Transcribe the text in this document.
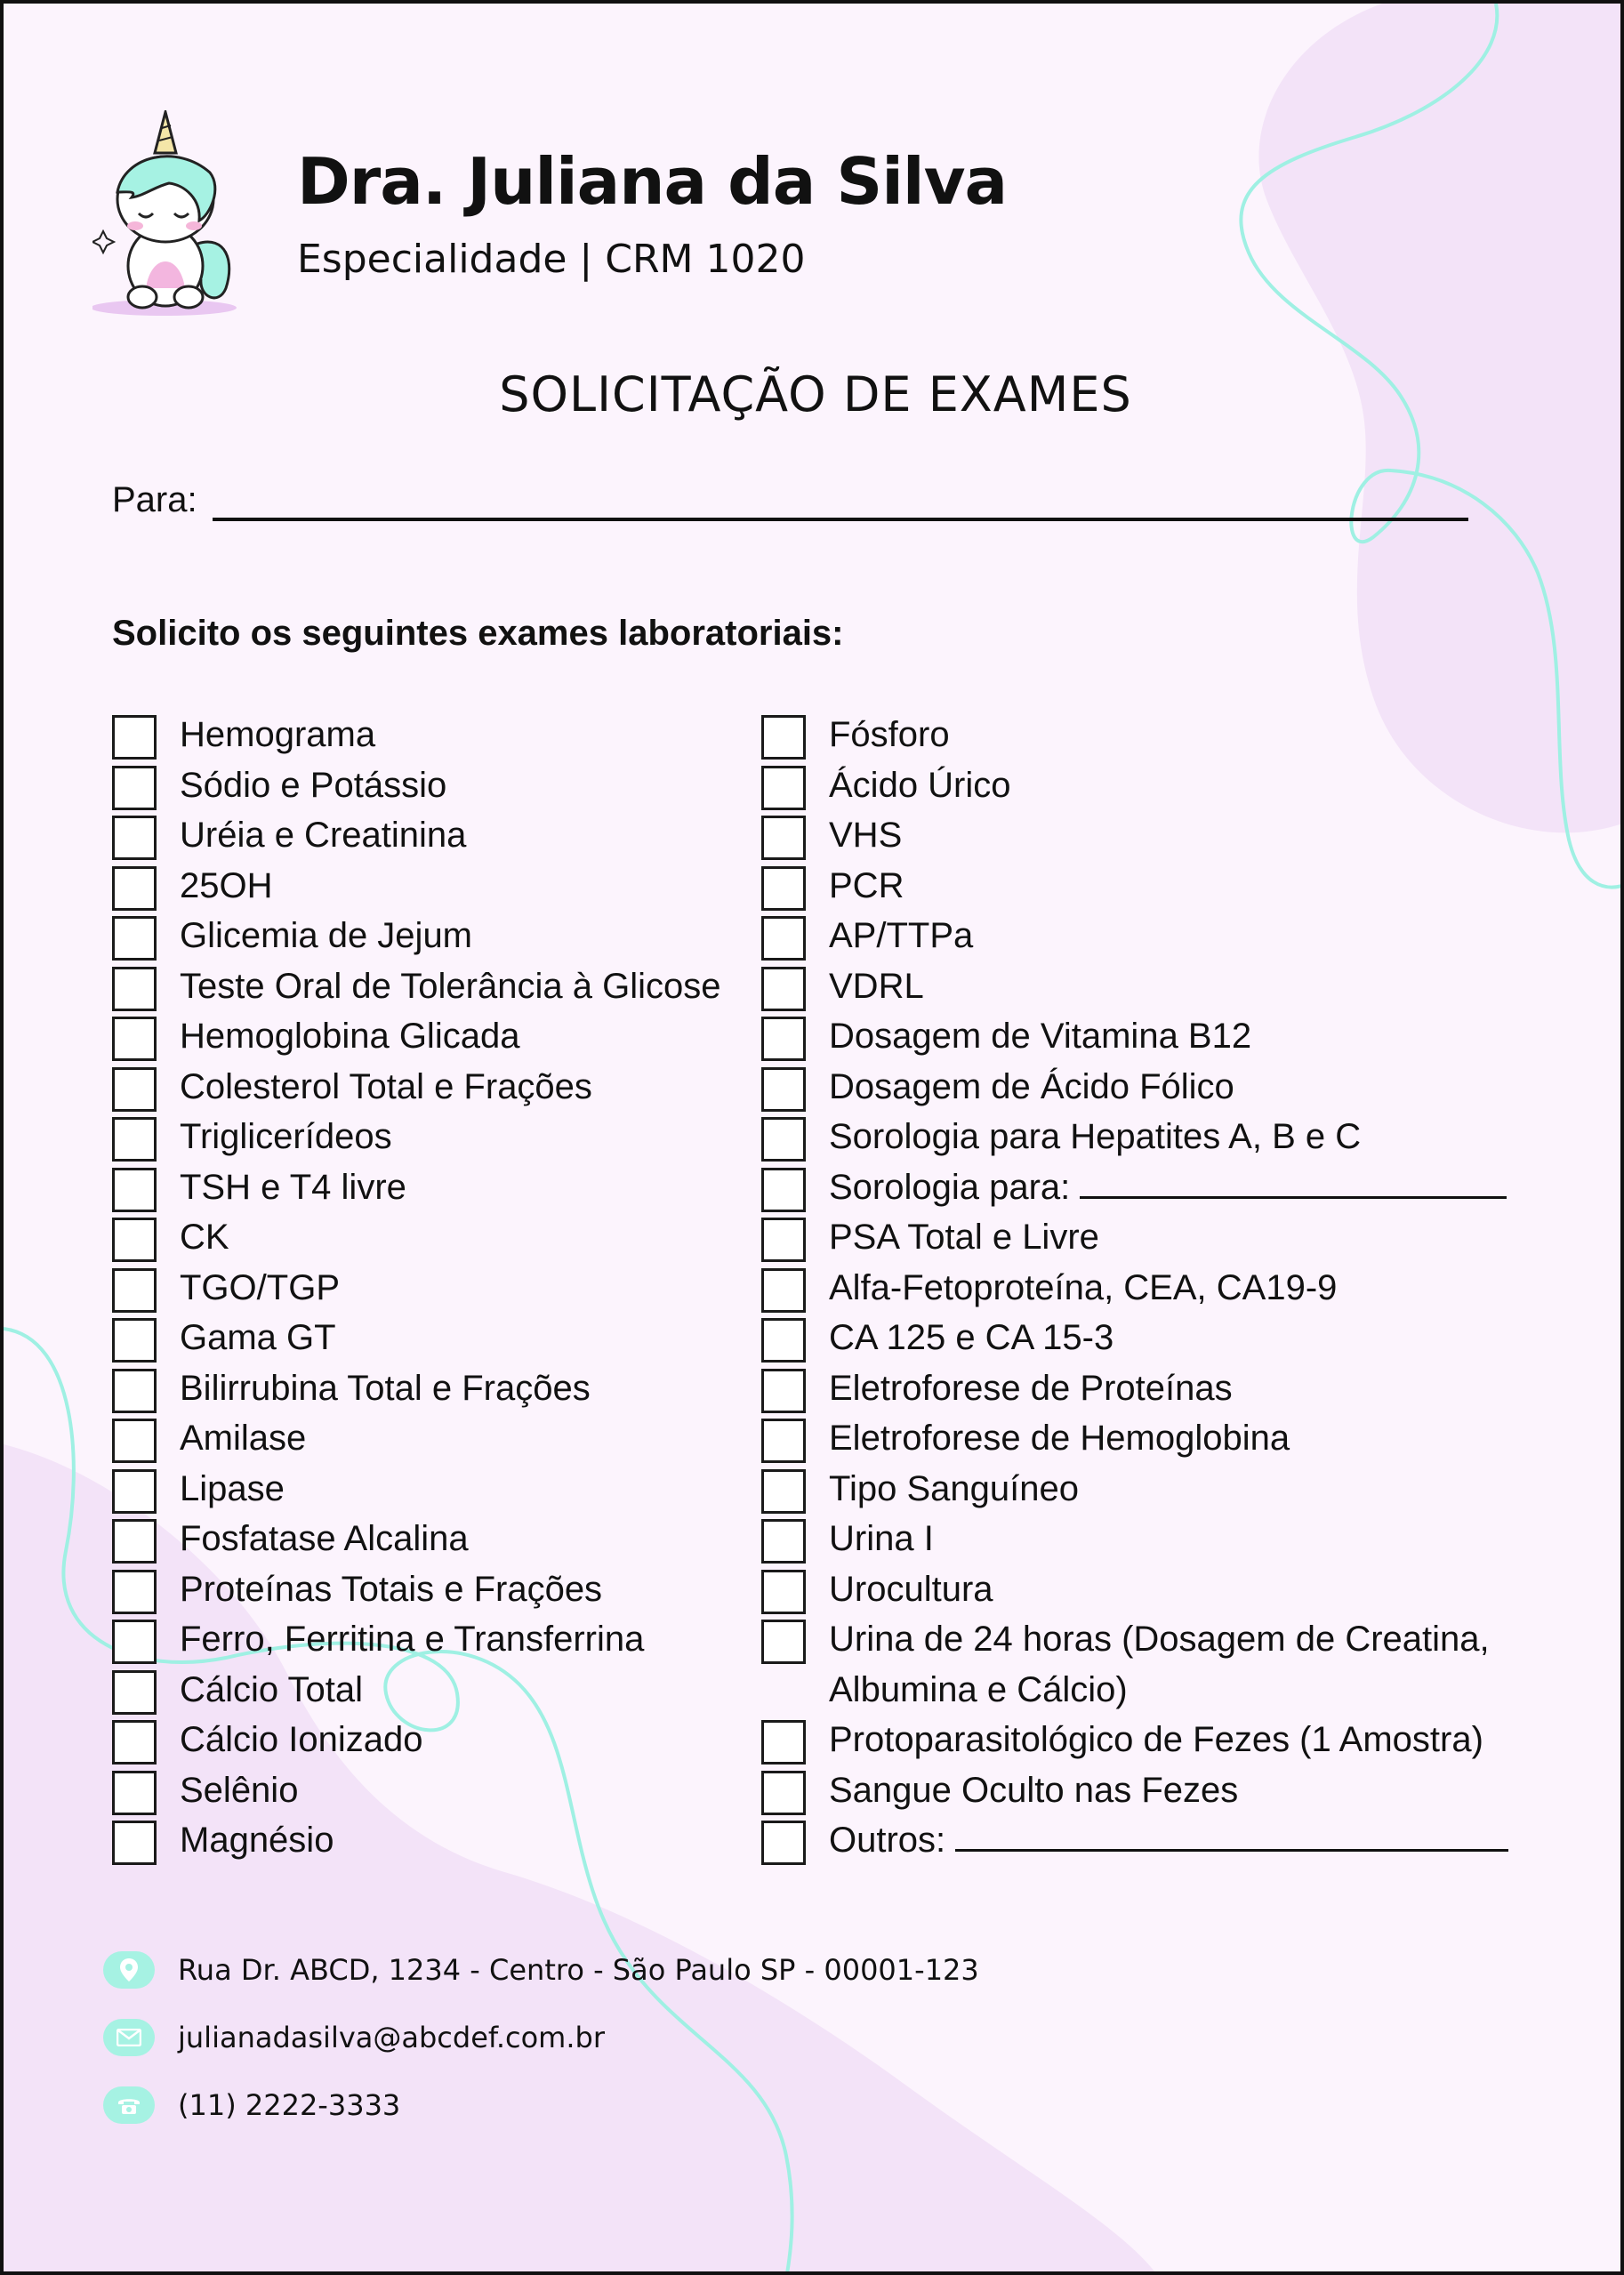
Dra. Juliana da Silva
Especialidade | CRM 1020
SOLICITAÇÃO DE EXAMES
Para:
Solicito os seguintes exames laboratoriais:
Hemograma
Sódio e Potássio
Uréia e Creatinina
25OH
Glicemia de Jejum
Teste Oral de Tolerância à Glicose
Hemoglobina Glicada
Colesterol Total e Frações
Triglicerídeos
TSH e T4 livre
CK
TGO/TGP
Gama GT
Bilirrubina Total e Frações
Amilase
Lipase
Fosfatase Alcalina
Proteínas Totais e Frações
Ferro, Ferritina e Transferrina
Cálcio Total
Cálcio Ionizado
Selênio
Magnésio
Fósforo
Ácido Úrico
VHS
PCR
AP/TTPa
VDRL
Dosagem de Vitamina B12
Dosagem de Ácido Fólico
Sorologia para Hepatites A, B e C
Sorologia para:
PSA Total e Livre
Alfa-Fetoproteína, CEA, CA19-9
CA 125 e CA 15-3
Eletroforese de Proteínas
Eletroforese de Hemoglobina
Tipo Sanguíneo
Urina I
Urocultura
Urina de 24 horas (Dosagem de Creatina, Albumina e Cálcio)
Protoparasitológico de Fezes (1 Amostra)
Sangue Oculto nas Fezes
Outros:
Rua Dr. ABCD, 1234 - Centro - São Paulo SP - 00001-123
julianadasilva@abcdef.com.br
(11) 2222-3333
